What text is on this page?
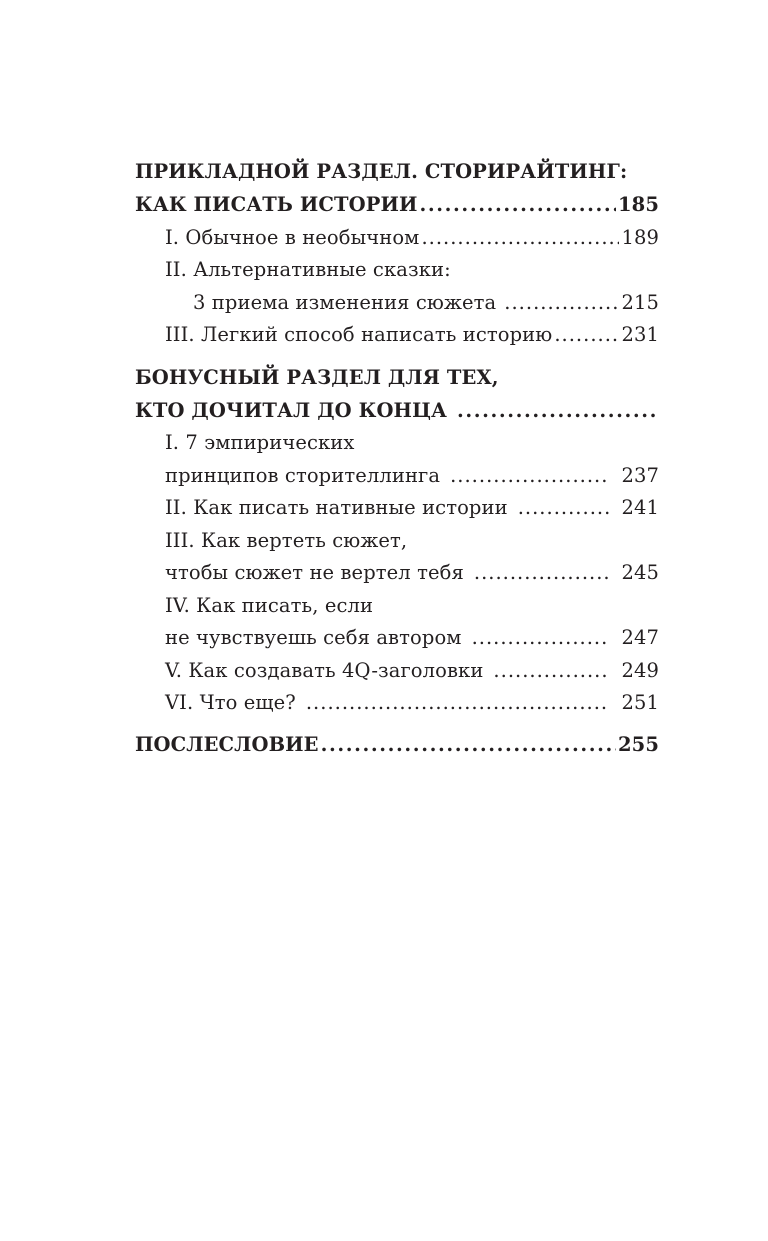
ПРИКЛАДНОЙ РАЗДЕЛ. СТОРИРАЙТИНГ:
КАК ПИСАТЬ ИСТОРИИ . . .	185
I. Обычное в необычном . . .	189
II. Альтернативные сказки:
3 приема изменения сюжета . . .	215
III. Легкий способ написать историю . . .	231
БОНУСНЫЙ РАЗДЕЛ ДЛЯ ТЕХ,
КТО ДОЧИТАЛ ДО КОНЦА
. . .
I. 7 эмпирических
принципов сторителлинга . . .	237
II. Как писать нативные истории . . .	241
III. Как вертеть сюжет,
чтобы сюжет не вертел тебя . . .	245
IV. Как писать, если
не чувствуешь себя автором . . .	247
V. Как создавать 4Q-заголовки . . .	249
VI. Что еще? . . .	251
ПОСЛЕСЛОВИЕ . . .	255
